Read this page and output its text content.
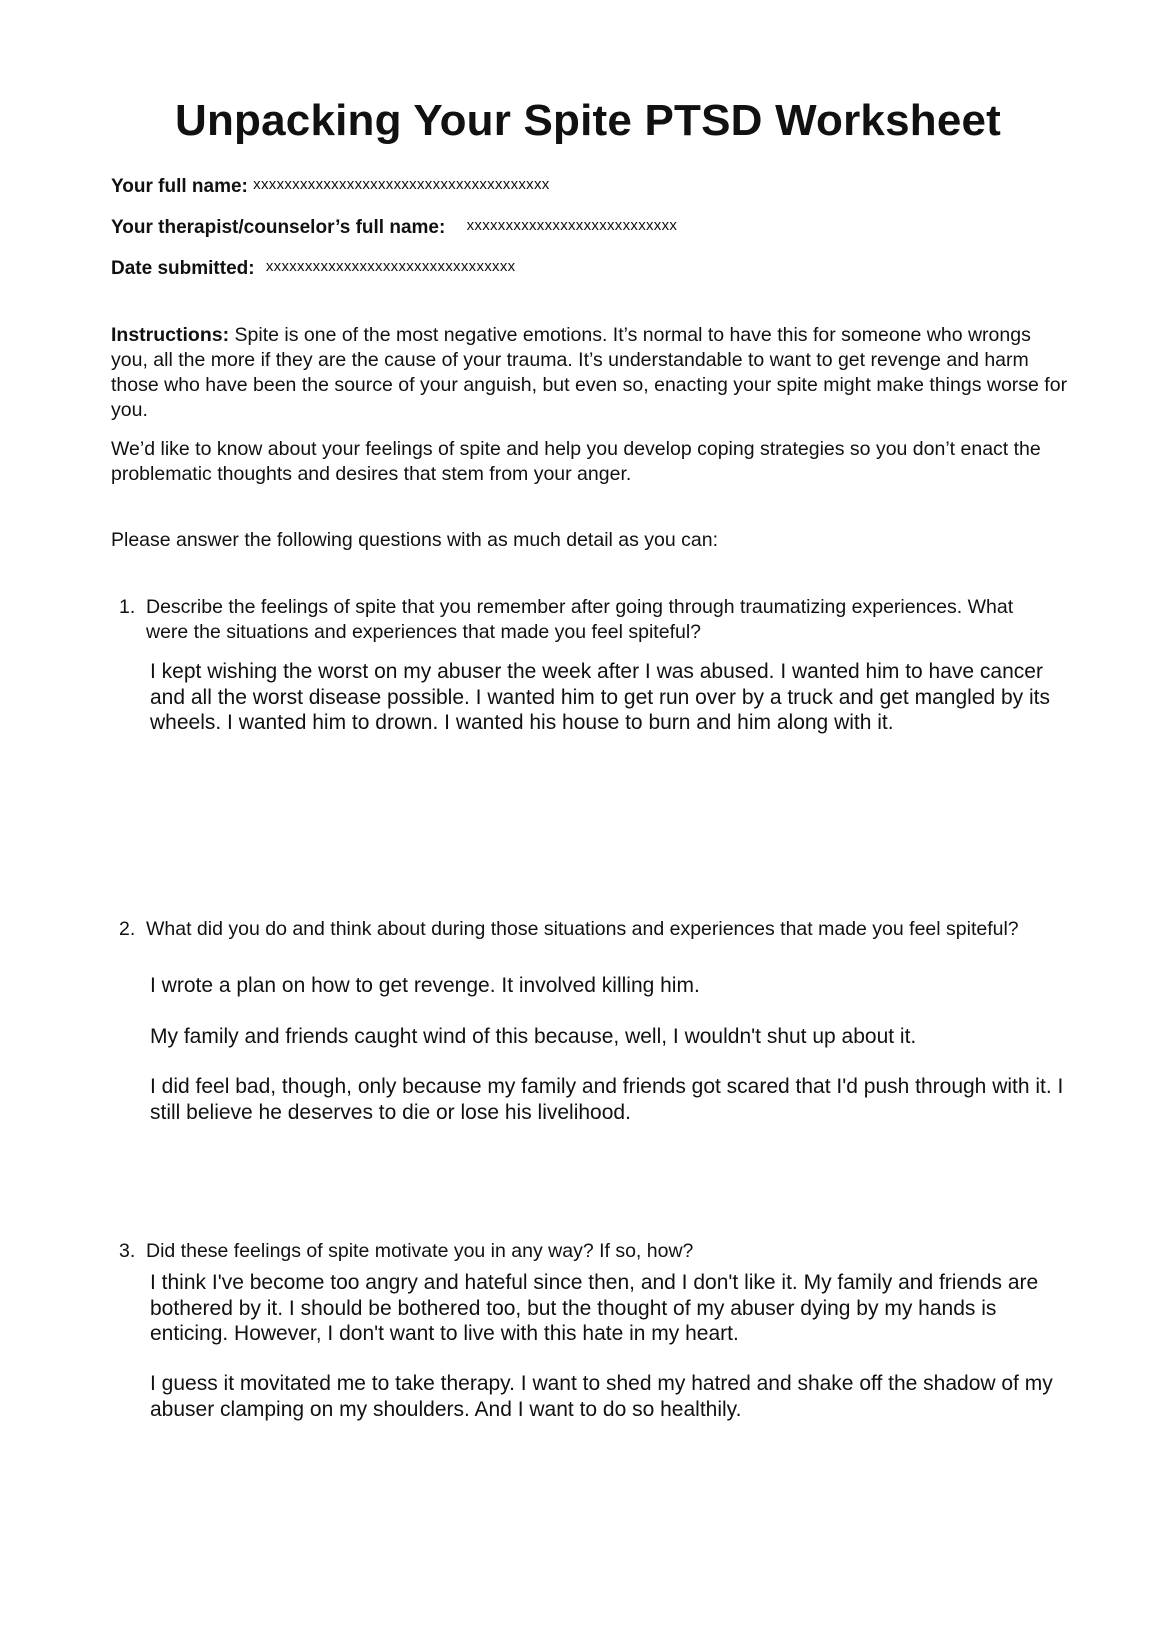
Unpacking Your Spite PTSD Worksheet
Your full name: xxxxxxxxxxxxxxxxxxxxxxxxxxxxxxxxxxxxxx
Your therapist/counselor’s full name: xxxxxxxxxxxxxxxxxxxxxxxxxxx
Date submitted: xxxxxxxxxxxxxxxxxxxxxxxxxxxxxxxx

Instructions: Spite is one of the most negative emotions. It’s normal to have this for someone who wrongs you, all the more if they are the cause of your trauma. It’s understandable to want to get revenge and harm those who have been the source of your anguish, but even so, enacting your spite might make things worse for you.

We’d like to know about your feelings of spite and help you develop coping strategies so you don’t enact the problematic thoughts and desires that stem from your anger.

Please answer the following questions with as much detail as you can:

1. Describe the feelings of spite that you remember after going through traumatizing experiences. What were the situations and experiences that made you feel spiteful?

I kept wishing the worst on my abuser the week after I was abused. I wanted him to have cancer and all the worst disease possible. I wanted him to get run over by a truck and get mangled by its wheels. I wanted him to drown. I wanted his house to burn and him along with it.

2. What did you do and think about during those situations and experiences that made you feel spiteful?

I wrote a plan on how to get revenge. It involved killing him.

My family and friends caught wind of this because, well, I wouldn't shut up about it.

I did feel bad, though, only because my family and friends got scared that I'd push through with it. I still believe he deserves to die or lose his livelihood.

3. Did these feelings of spite motivate you in any way? If so, how?

I think I've become too angry and hateful since then, and I don't like it. My family and friends are bothered by it. I should be bothered too, but the thought of my abuser dying by my hands is enticing. However, I don't want to live with this hate in my heart.

I guess it movitated me to take therapy. I want to shed my hatred and shake off the shadow of my abuser clamping on my shoulders. And I want to do so healthily.
